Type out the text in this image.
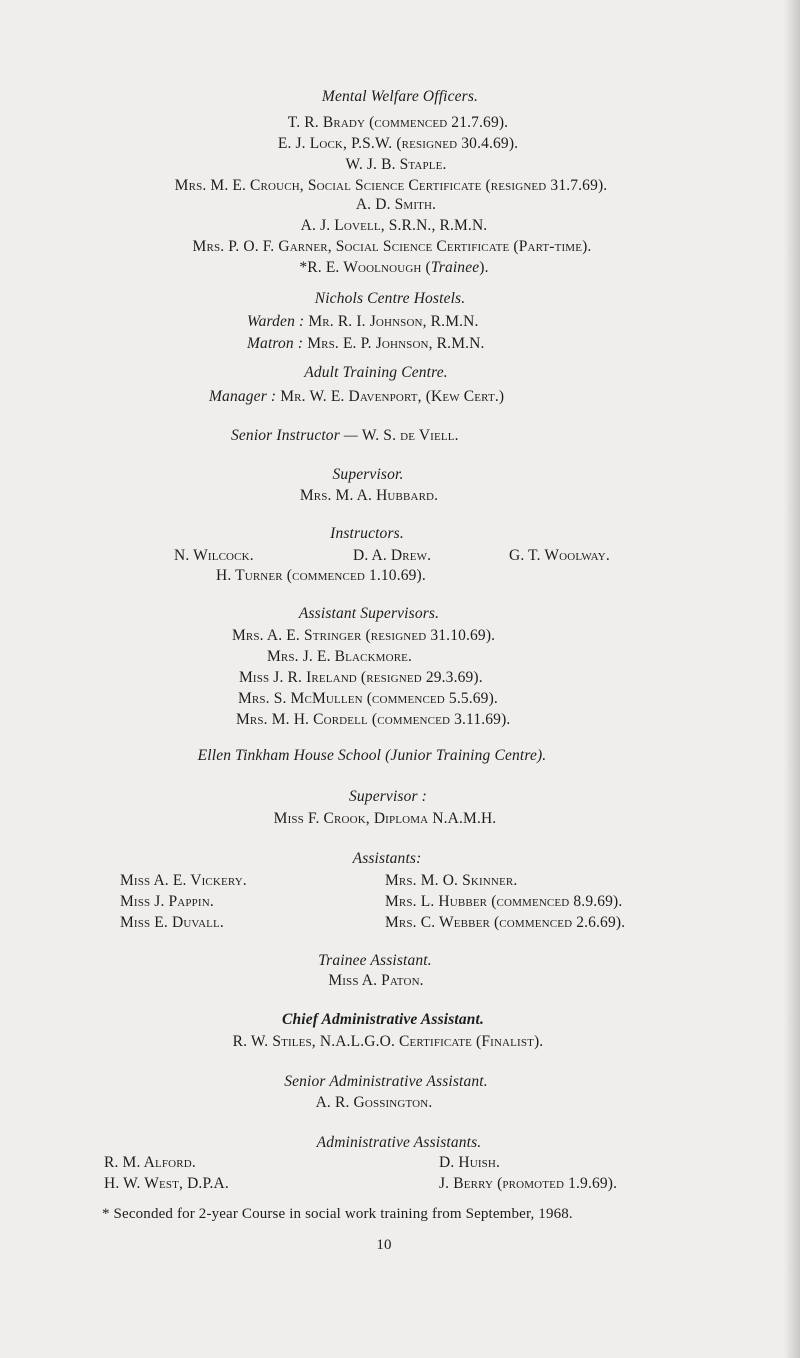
Mental Welfare Officers.
T. R. Brady (commenced 21.7.69).
E. J. Lock, P.S.W. (resigned 30.4.69).
W. J. B. Staple.
Mrs. M. E. Crouch, Social Science Certificate (resigned 31.7.69).
A. D. Smith.
A. J. Lovell, S.R.N., R.M.N.
Mrs. P. O. F. Garner, Social Science Certificate (Part-time).
*R. E. Woolnough (Trainee).
Nichols Centre Hostels.
Warden : Mr. R. I. Johnson, R.M.N.
Matron : Mrs. E. P. Johnson, R.M.N.
Adult Training Centre.
Manager : Mr. W. E. Davenport, (Kew Cert.)
Senior Instructor — W. S. de Viell.
Supervisor.
Mrs. M. A. Hubbard.
Instructors.
N. Wilcock.	D. A. Drew.	G. T. Woolway.
H. Turner (commenced 1.10.69).
Assistant Supervisors.
Mrs. A. E. Stringer (resigned 31.10.69).
Mrs. J. E. Blackmore.
Miss J. R. Ireland (resigned 29.3.69).
Mrs. S. McMullen (commenced 5.5.69).
Mrs. M. H. Cordell (commenced 3.11.69).
Ellen Tinkham House School (Junior Training Centre).
Supervisor :
Miss F. Crook, Diploma N.A.M.H.
Assistants:
Miss A. E. Vickery.
Miss J. Pappin.
Miss E. Duvall.
Mrs. M. O. Skinner.
Mrs. L. Hubber (commenced 8.9.69).
Mrs. C. Webber (commenced 2.6.69).
Trainee Assistant.
Miss A. Paton.
Chief Administrative Assistant.
R. W. Stiles, N.A.L.G.O. Certificate (Finalist).
Senior Administrative Assistant.
A. R. Gossington.
Administrative Assistants.
R. M. Alford.
H. W. West, D.P.A.
D. Huish.
J. Berry (promoted 1.9.69).
* Seconded for 2-year Course in social work training from September, 1968.
10
